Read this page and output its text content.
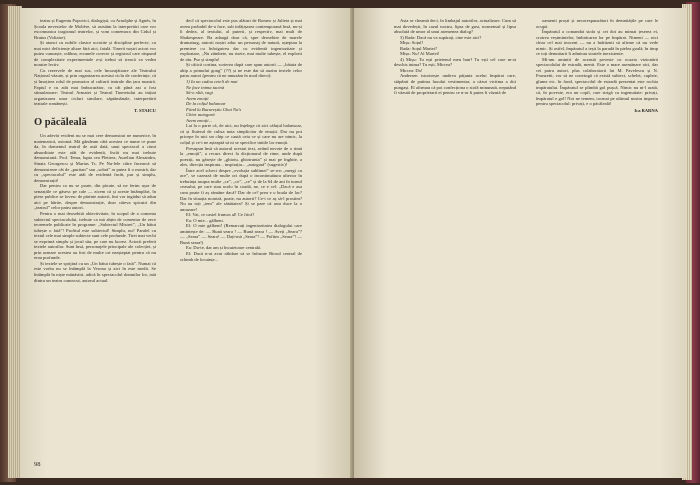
teatru și Eugeniu Popovici, dialogiști, cu Arnolphe și Agnès, în Școala nevestelor de Molière, să asistăm la interpretări care vor excomunica tragismul teatrelor, și vom comemora din Cidul și Brutus (Voltaire).

Și atunci cu nobile clasice ocrotite și discipline perfecte, cu mai mici deficiențe altare fără aici, fatală. Tinerii noștri actori vor putea cunoaște, odihna, ecranele corecte și registrul care răspund de complexitate experimentale a-și trebui să treacă va vedea noastre lectiv.

Cu rezervele de mai sus, cele încurajătoare ale Teatrului Național văzute, și prin organizarea acestui ciclu de conferințe, că și însoțirea rolul de promotor al culturii teatrale din țara noastră. Faptul e cu atât mai îmbucurător, cu cât până azi a fost stimulatoare: Teatrul Armatei și Teatrul Tineretului au inițiat organizarea unor cicluri similare, săptămânale, interpretării teatrale românești.

T. STAICU

O păcăleală

Un adevăr evident nu se mai cere demonstrat ne numerice, în matematică, axiomă. Mă gândeam câtă acestea ce nume ce pune da, în domeniul teatral de astă dată, unui spectacol a cărui absurditate este atât de evidentă, încât nu mai trebuie demonstrată. Prof. Tema, lupta cea Pletirea, Aurelian Alexandru, Sinaia Georgescu și Marius Ts. Pe Nu-lele câtre încearcă să demonstreze cât de „puritan” sau „sobră” ar putea fi o mostră, dar cu „spectacolul” este atât de evidentă încât, pur și simplu, demonstrații!

Dar pentru ca nu se poate, din păcate, să ne ferim ușor de senzațiile ce găsesc pe cale — zicem că și aceste întâmplări, în piese publice se lovesc de părinte autorii, îmi vor ingădui să adun aici pe hârtie, despre demonstrație, doar căteva spicuiri din „teatrul” celor patru autori.

Pentru o mai deosebită obiectivitate, în scopul de a comenta subiectul spectacolului, trebuie ca mă abțin de comentar de zece teoremele publicate în programe: „Subiectul Mistrei”, „Un bătut iubește o fată”! Profitul este subiectul! Simplu, nu? Paralel cu textul cele mai simple subiecte sunt cele profunde. Tirei mai vechi se exprimă simplu și jocul său, pe care nu lucrez. Actorii preferă textele autorilor. Sunt însă, personajele principale ale colecției, și prin urmare acestea au fost de multe ori neașteptat pentru că nu erau profunde.

Și textele se sprijină cu un „Un bătut iubește o fată”. Numai că este vorba nu se întâmplă la Verona și aici în este medii. Se întâmplă în niște mănăstiri, adică în spectacolul domnilor lor, iată dintru un teatru cunoscut, autorul actual.

decî că spectacolul este pus alături de Romeo și Julieta și mai avem probabil de-a face, sub infățișarea contemporană însă, nu-și îi dedea, al textului, al puterii, și respectiv, mai mult de Shakespeare. Ba adaugă doar că, spre deosebire de marele dramaturg, autorii noștri aduc un personaj de natură, așteptau la premiere cu înfoiguirea dar cu evidentă ingeniozitate și exploatare, „Nu zâmbete, nu risete, mai multe iubește, el explorii de rău. Pur și simplu!

Și câtică cortina, scrierea după care spun autorii — „bătaia de ahip a primului gong” (??) și ne este dat să auzim textele celor patru autori (pentru că ne amuzăm în mod direct):

1) Ia un cadou ceteli de mai

Ne face inima tacină

Să-o oltă, vagi

Avem emoții

De la colțul balanoar

Fiind la Bucureștiu Ghai Na's

Chior autogară

Avem emoții...

Lat la o parte că, de aici, nu înțelege că aici căluțul balansoar, că și fluierul de culisa nota simplicitar de emoții. Dar nu pot pricepe în nici un chip ce caută ceia ce și care nu are nimic, la colțul și ce-i ne așteaptă să ni se specifice intitle lor emoții.

Presupun însă că autorul acestui text, având nevoie de o rimă la „emoții”, a recurs direct la dicționarul de rime, unde după poeziți, nu găsește de „ghiotu, ghiotrunta” și mai pe înghite, a ales, direcția inspirata... inspirația... „autogară” (sugestiv)!

Între acel scheci despre „evoluția sublimei” se-a-n „mergi cu ace”, se cazează de multe ori după o incontinuătura ulterior în trebuința asupra multe „ce”, „ce”, „ce” și de la 64 de ani în turnul ceasului, pe care stau acolo în coadă, ne, ce e cel: „Dacă e asa cum poate fi aș rămâne dacă? Dar de ce? prea e o boala de lac? Dar în situația noastră, poate, nu autorii? Ce-i ce aș să-l prostim? Nu au toți „tem” ale sănătatea? Și se pare că asta duce la o amuzare!

El: Vai, ce castel frumos al! Ce fiică?

Ea: O mie... gălbeni.

El: O mie gălbeni! (Remarcați ingeniozitatea dialogului care amintește de: — Bună seara ! — Bună seara ! — Aveți „Seara”? — „Seara” — Seara! — Dați-mă „Seara”! — Poftim „Seara”! — Bună seara!)

Ea: Du-te, dar am și încuietoare centrală.

El: Dacă n-ai avut răbdare să se înfrunte Biroul central de schimb de locuințe...

98

Asta se cheamă deci, în limbajul autorilor, actualizare. Cum să mai dovedești, în cazul nostru, lipsa de gust, nonsensul și lipsa absolută de umor al unui asemenea dialog?

3) Rada: Dacă nu va supărați, cine este aici?

Mișu: Soțul!

Rada: Soțul Mariei?

Mișu: Nu! Al Mariei!

4) Mișu: Tu ești prietenul meu bun? Tu ești cel care m-ai deschis inima? Tu ești, Mircea?

Mircea: Da!

Andersen istorisește undeva pățania acelui împărat care, stăpânit de patima luxului vestimentar, a căzut victima a doi pungași. El afirmau că pot confecționa o stofă minunată, neputând fi văzută de proprietarii ei pentru ce n-ar fi putea fi văzută de

oamenii proști și necorespunzători în demnitățile pe care le ocupă.

Împăratul a comandat stofa și cei doi au mimat țeserea ei, croirea veștmintelor, îmbrăcarea lor pe împărat. Nimeni — nici chiar cel mai inocent — nu a îndrăznit să afirme că nu vede nimic. Și astfel, împăratul a ieșit la paradă în pielea goală, în timp ce toți demnitarii îi admirau straiele inexistente.

Mi-am amintit de această poveste cu ocazia vizionării spectacolului de estradă, menit. Este o mare asemănare aici, dar cei patru autori, plus colaboratorii lui M. Pavelescu și N. Frunzetti, vor să ne convingă că există subiect, schelet, cuplete, glume etc. în fond, spectacolul de estradă prezentat este rochia impăratului. Împăratul se plimbă gol pușcă. Nimic nu ni-l arată, că, în poveste, era un copil, care strigă cu ingenuitate: privați, împăratul e gol! Noi ne temem, tocmai pe ultimul nostru imperiu pentru spectacolul: privați, e o păcăleală!

Ica BARNA
